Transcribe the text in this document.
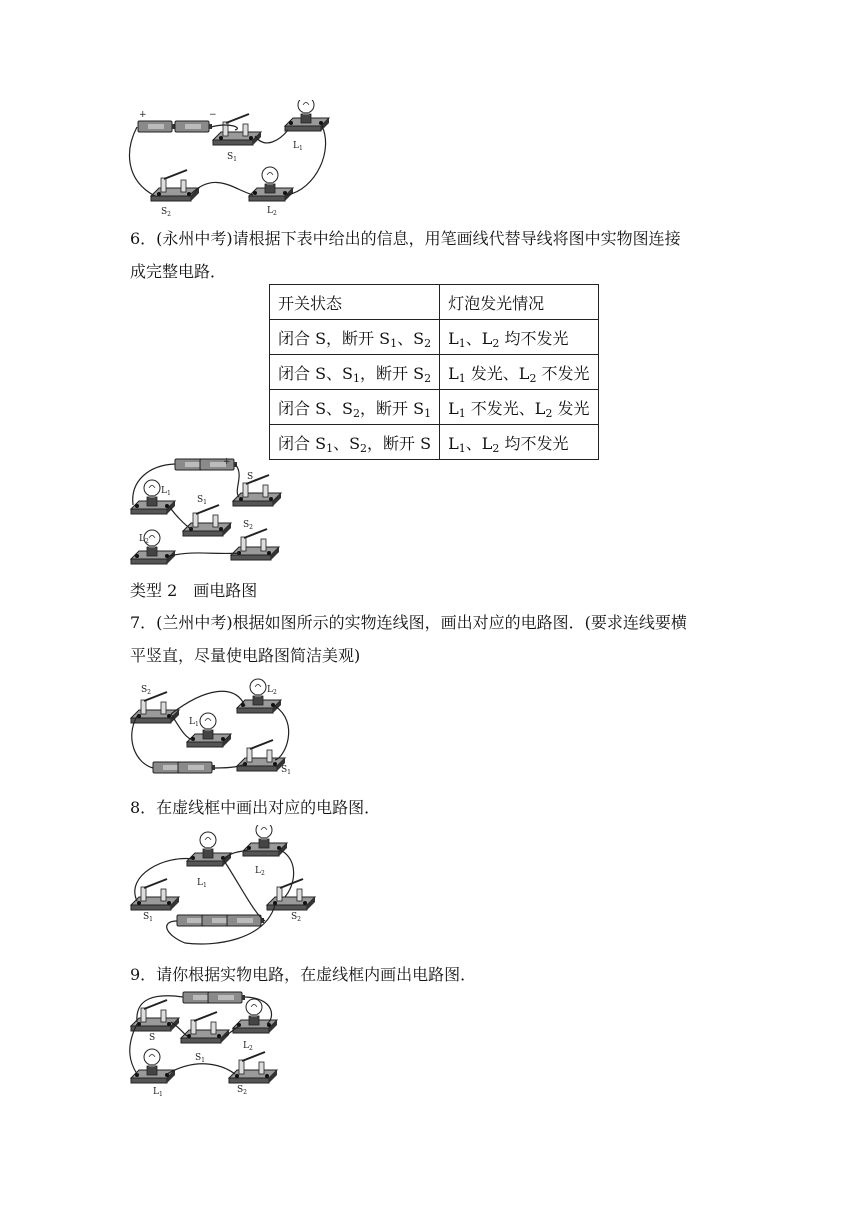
+	−
$S_1$
$L_1$
$S_2$	$L_2$

6．(永州中考)请根据下表中给出的信息，用笔画线代替导线将图中实物图连接
成完整电路．

开关状态	灯泡发光情况
闭合 S，断开 $S_1$、$S_2$	$L_1$、$L_2$ 均不发光
闭合 S、$S_1$，断开 $S_2$	$L_1$ 发光、$L_2$ 不发光
闭合 S、$S_2$，断开 $S_1$	$L_1$ 不发光、$L_2$ 发光
闭合 $S_1$、$S_2$，断开 S	$L_1$、$L_2$ 均不发光
+
S
$L_1$
$S_1$
$S_2$
$L_2$
类型 2　画电路图

7．(兰州中考)根据如图所示的实物连线图，画出对应的电路图．(要求连线要横
平竖直，尽量使电路图简洁美观)

$S_2$	$L_2$
$L_1$
$S_1$
8．在虚线框中画出对应的电路图．
$L_1$
$L_2$
$S_1$	$S_2$
9．请你根据实物电路，在虚线框内画出电路图．
S
$S_1$
$L_2$
$L_1$	$S_2$
